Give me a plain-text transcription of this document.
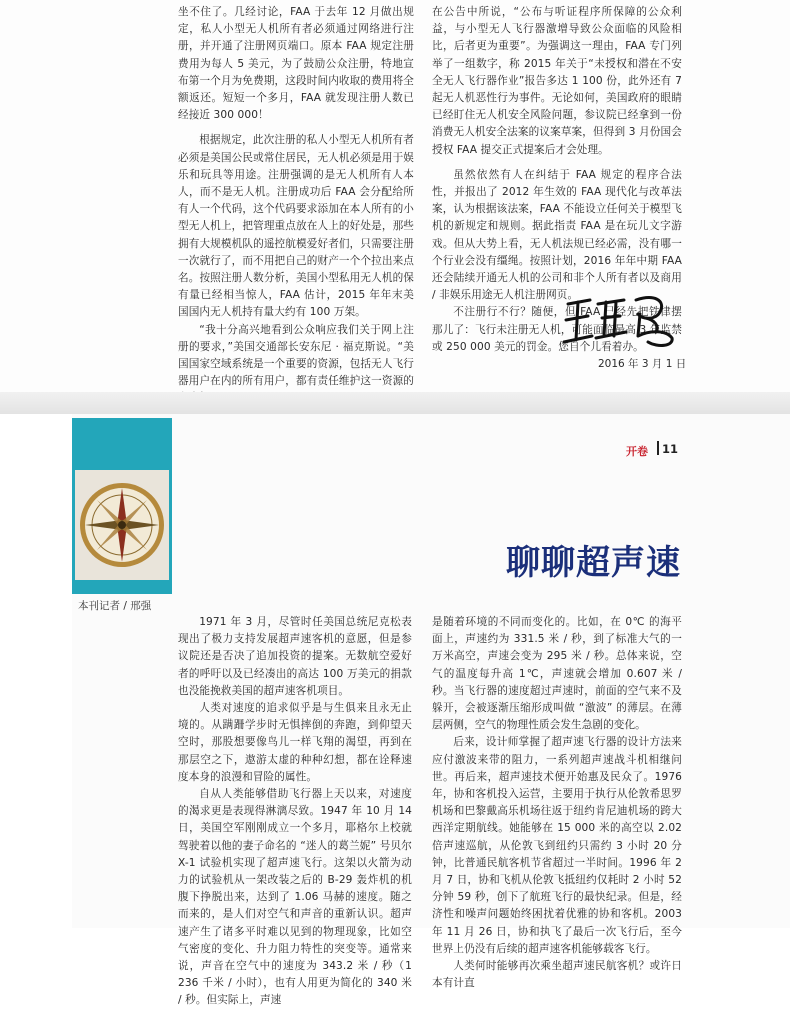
坐不住了。几经讨论，FAA 于去年 12 月做出规定，私人小型无人机所有者必须通过网络进行注册，并开通了注册网页端口。原本 FAA 规定注册费用为每人 5 美元，为了鼓励公众注册，特地宣布第一个月为免费期，这段时间内收取的费用将全额返还。短短一个多月，FAA 就发现注册人数已经接近 300 000！

根据规定，此次注册的私人小型无人机所有者必须是美国公民或常住居民，无人机必须是用于娱乐和玩具等用途。注册强调的是无人机所有人本人，而不是无人机。注册成功后 FAA 会分配给所有人一个代码，这个代码要求添加在本人所有的小型无人机上，把管理重点放在人上的好处是，那些拥有大规模机队的遥控航模爱好者们，只需要注册一次就行了，而不用把自己的财产一个个拉出来点名。按照注册人数分析，美国小型私用无人机的保有量已经相当惊人，FAA 估计，2015 年年末美国国内无人机持有量大约有 100 万架。

“我十分高兴地看到公众响应我们关于网上注册的要求，”美国交通部长安东尼 · 福克斯说。“美国国家空域系统是一个重要的资源，包括无人飞行器用户在内的所有用户，都有责任维护这一资源的

在公告中所说，“公布与听证程序所保障的公众利益，与小型无人飞行器激增导致公众面临的风险相比，后者更为重要”。为强调这一理由，FAA 专门列举了一组数字，称 2015 年关于“未授权和潜在不安全无人飞行器作业”报告多达 1 100 份，此外还有 7 起无人机恶性行为事件。无论如何，美国政府的眼睛已经盯住无人机安全风险问题，参议院已经拿到一份消费无人机安全法案的议案草案，但得到 3 月份国会授权 FAA 提交正式提案后才会处理。

虽然依然有人在纠结于 FAA 规定的程序合法性，并报出了 2012 年生效的 FAA 现代化与改革法案，认为根据该法案，FAA 不能设立任何关于模型飞机的新规定和规则。据此指责 FAA 是在玩儿文字游戏。但从大势上看，无人机法规已经必需，没有哪一个行业会没有缰绳。按照计划，2016 年年中期 FAA 还会陆续开通无人机的公司和非个人所有者以及商用 / 非娱乐用途无人机注册网页。

不注册行不行？随便，但 FAA 已经先把铁律摆那儿了：飞行未注册无人机，可能面临最高 3 年监禁或 250 000 美元的罚金。您自个儿看着办。

2016 年 3 月 1 日
本刊记者 / 邢强
开卷 11
聊聊超声速

1971 年 3 月，尽管时任美国总统尼克松表现出了极力支持发展超声速客机的意愿，但是参议院还是否决了追加投资的提案。无数航空爱好者的呼吁以及已经凑出的高达 100 万美元的捐款也没能挽救美国的超声速客机项目。

人类对速度的追求似乎是与生俱来且永无止境的。从蹒跚学步时无惧摔倒的奔跑，到仰望天空时，那股想要像鸟儿一样飞翔的渴望，再到在那层空之下，遨游太虚的种种幻想，都在诠释速度本身的浪漫和冒险的属性。

自从人类能够借助飞行器上天以来，对速度的渴求更是表现得淋漓尽致。1947 年 10 月 14 日，美国空军刚刚成立一个多月，耶格尔上校就驾驶着以他的妻子命名的 “迷人的葛兰妮” 号贝尔 X-1 试验机实现了超声速飞行。这架以火箭为动力的试验机从一架改装之后的 B-29 轰炸机的机腹下挣脱出来，达到了 1.06 马赫的速度。随之而来的，是人们对空气和声音的重新认识。超声速产生了诸多平时难以见到的物理现象，比如空气密度的变化、升力阻力特性的突变等。通常来说，声音在空气中的速度为 343.2 米 / 秒（1 236 千米 / 小时），也有人用更为简化的 340 米 / 秒。但实际上，声速

是随着环境的不同而变化的。比如，在 0℃ 的海平面上，声速约为 331.5 米 / 秒，到了标准大气的一万米高空，声速会变为 295 米 / 秒。总体来说，空气的温度每升高 1℃，声速就会增加 0.607 米 / 秒。当飞行器的速度超过声速时，前面的空气来不及躲开，会被逐渐压缩形成叫做 “激波” 的薄层。在薄层两侧，空气的物理性质会发生急剧的变化。

后来，设计师掌握了超声速飞行器的设计方法来应付激波来带的阻力，一系列超声速战斗机相继问世。再后来，超声速技术便开始惠及民众了。1976 年，协和客机投入运营，主要用于执行从伦敦希思罗机场和巴黎戴高乐机场往返于纽约肯尼迪机场的跨大西洋定期航线。她能够在 15 000 米的高空以 2.02 倍声速巡航，从伦敦飞到纽约只需约 3 小时 20 分钟，比普通民航客机节省超过一半时间。1996 年 2 月 7 日，协和飞机从伦敦飞抵纽约仅耗时 2 小时 52 分钟 59 秒，创下了航班飞行的最快纪录。但是，经济性和噪声问题始终困扰着优雅的协和客机。2003 年 11 月 26 日，协和执飞了最后一次飞行后，至今世界上仍没有后续的超声速客机能够载客飞行。

人类何时能够再次乘坐超声速民航客机？或许日本有计直
